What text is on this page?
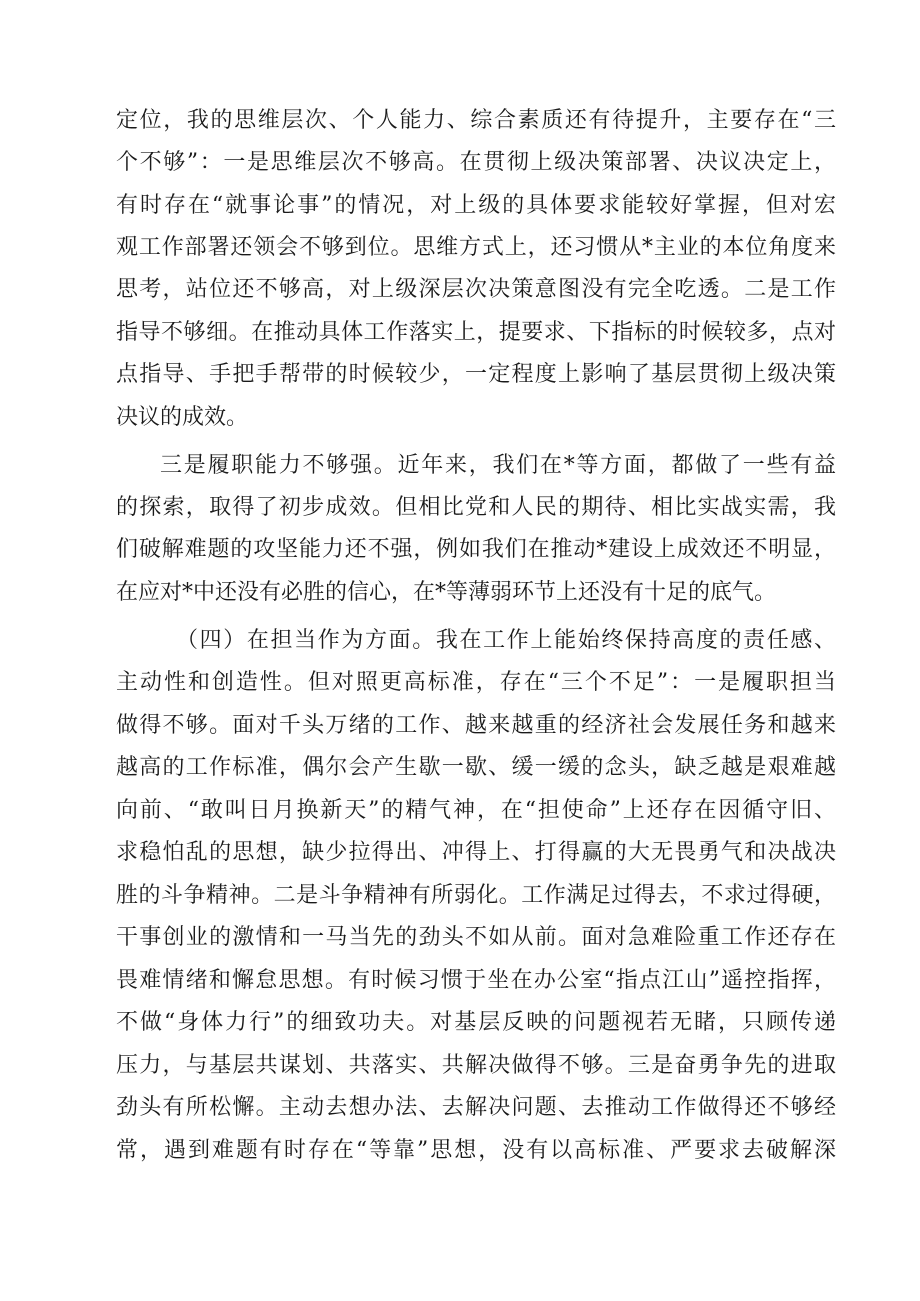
定位，我的思维层次、个人能力、综合素质还有待提升，主要存在“三
个不够”：一是思维层次不够高。在贯彻上级决策部署、决议决定上，
有时存在“就事论事”的情况，对上级的具体要求能较好掌握，但对宏
观工作部署还领会不够到位。思维方式上，还习惯从*主业的本位角度来
思考，站位还不够高，对上级深层次决策意图没有完全吃透。二是工作
指导不够细。在推动具体工作落实上，提要求、下指标的时候较多，点对
点指导、手把手帮带的时候较少，一定程度上影响了基层贯彻上级决策
决议的成效。
三是履职能力不够强。近年来，我们在*等方面，都做了一些有益
的探索，取得了初步成效。但相比党和人民的期待、相比实战实需，我
们破解难题的攻坚能力还不强，例如我们在推动*建设上成效还不明显，
在应对*中还没有必胜的信心，在*等薄弱环节上还没有十足的底气。
（四）在担当作为方面。我在工作上能始终保持高度的责任感、
主动性和创造性。但对照更高标准，存在“三个不足”：一是履职担当
做得不够。面对千头万绪的工作、越来越重的经济社会发展任务和越来
越高的工作标准，偶尔会产生歇一歇、缓一缓的念头，缺乏越是艰难越
向前、“敢叫日月换新天”的精气神，在“担使命”上还存在因循守旧、
求稳怕乱的思想，缺少拉得出、冲得上、打得赢的大无畏勇气和决战决
胜的斗争精神。二是斗争精神有所弱化。工作满足过得去，不求过得硬，
干事创业的激情和一马当先的劲头不如从前。面对急难险重工作还存在
畏难情绪和懈怠思想。有时候习惯于坐在办公室“指点江山”遥控指挥，
不做“身体力行”的细致功夫。对基层反映的问题视若无睹，只顾传递
压力，与基层共谋划、共落实、共解决做得不够。三是奋勇争先的进取
劲头有所松懈。主动去想办法、去解决问题、去推动工作做得还不够经
常，遇到难题有时存在“等靠”思想，没有以高标准、严要求去破解深
